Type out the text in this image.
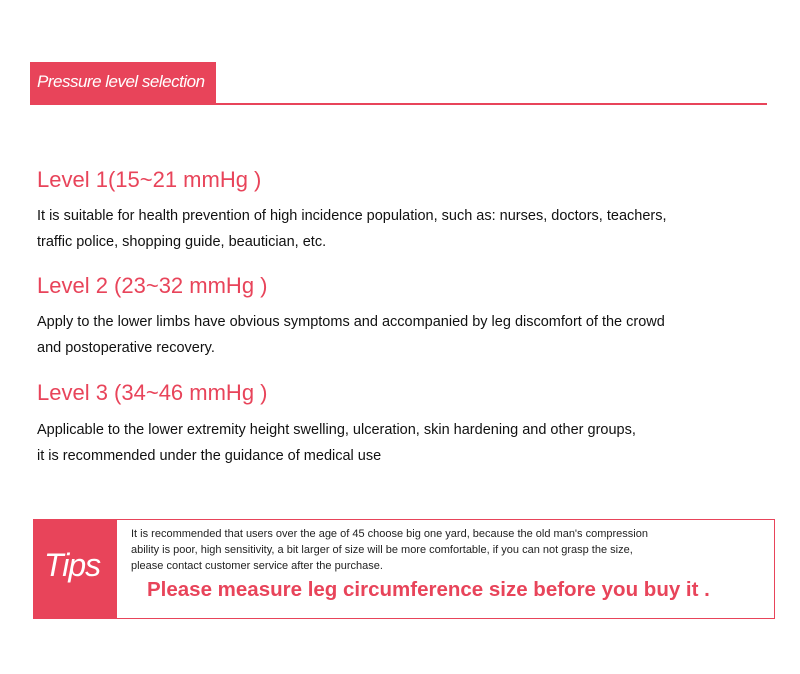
Pressure level selection
Level 1(15~21 mmHg )

It is suitable for health prevention of high incidence population, such as: nurses, doctors, teachers,
traffic police, shopping guide, beautician, etc.

Level 2 (23~32 mmHg )

Apply to the lower limbs have obvious symptoms and accompanied by leg discomfort of the crowd
and postoperative recovery.

Level 3 (34~46 mmHg )

Applicable to the lower extremity height swelling, ulceration, skin hardening and other groups,
it is recommended under the guidance of medical use

Tips

It is recommended that users over the age of 45 choose big one yard, because the old man's compression
ability is poor, high sensitivity, a bit larger of size will be more comfortable, if you can not grasp the size,
please contact customer service after the purchase.

Please measure leg circumference size before you buy it .
